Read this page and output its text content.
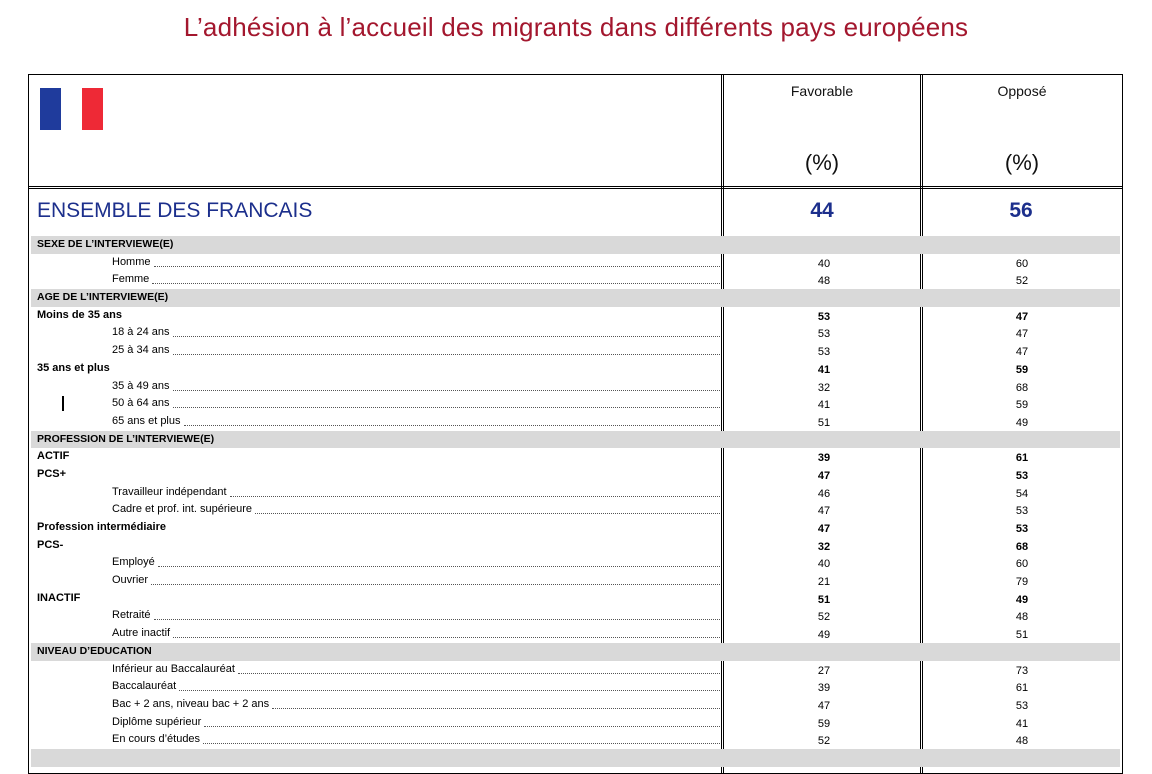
L’adhésion à l’accueil des migrants dans différents pays européens
Favorable	Opposé
(%)	(%)
ENSEMBLE DES FRANCAIS	44	56
SEXE DE L’INTERVIEWE(E)
Homme	40	60
Femme	48	52
AGE DE L’INTERVIEWE(E)
Moins de 35 ans	53	47
18 à 24 ans	53	47
25 à 34 ans	53	47
35 ans et plus	41	59
35 à 49 ans	32	68
50 à 64 ans	41	59
65 ans et plus	51	49
PROFESSION DE L’INTERVIEWE(E)
ACTIF	39	61
PCS+	47	53
Travailleur indépendant	46	54
Cadre et prof. int. supérieure	47	53
Profession intermédiaire	47	53
PCS-	32	68
Employé	40	60
Ouvrier	21	79
INACTIF	51	49
Retraité	52	48
Autre inactif	49	51
NIVEAU D’EDUCATION
Inférieur au Baccalauréat	27	73
Baccalauréat	39	61
Bac + 2 ans, niveau bac + 2 ans	47	53
Diplôme supérieur	59	41
En cours d’études	52	48
